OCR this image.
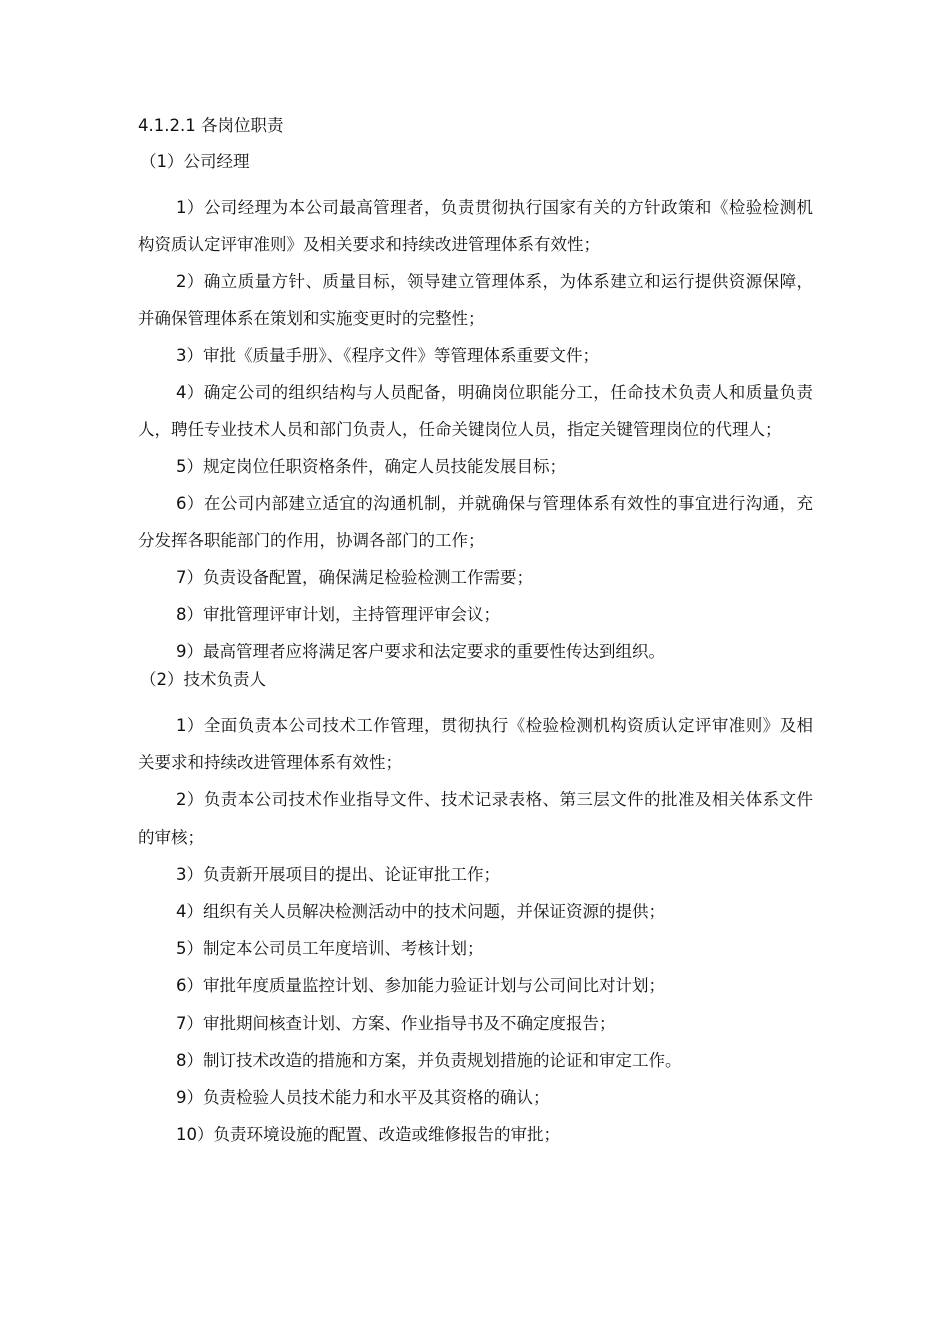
4.1.2.1 各岗位职责
（1）公司经理
1）公司经理为本公司最高管理者，负责贯彻执行国家有关的方针政策和《检验检测机构资质认定评审准则》及相关要求和持续改进管理体系有效性；
2）确立质量方针、质量目标，领导建立管理体系，为体系建立和运行提供资源保障，并确保管理体系在策划和实施变更时的完整性；
3）审批《质量手册》、《程序文件》等管理体系重要文件；
4）确定公司的组织结构与人员配备，明确岗位职能分工，任命技术负责人和质量负责人，聘任专业技术人员和部门负责人，任命关键岗位人员，指定关键管理岗位的代理人；
5）规定岗位任职资格条件，确定人员技能发展目标；
6）在公司内部建立适宜的沟通机制，并就确保与管理体系有效性的事宜进行沟通，充分发挥各职能部门的作用，协调各部门的工作；
7）负责设备配置，确保满足检验检测工作需要；
8）审批管理评审计划，主持管理评审会议；
9）最高管理者应将满足客户要求和法定要求的重要性传达到组织。
（2）技术负责人
1）全面负责本公司技术工作管理，贯彻执行《检验检测机构资质认定评审准则》及相关要求和持续改进管理体系有效性；
2）负责本公司技术作业指导文件、技术记录表格、第三层文件的批准及相关体系文件的审核；
3）负责新开展项目的提出、论证审批工作；
4）组织有关人员解决检测活动中的技术问题，并保证资源的提供；
5）制定本公司员工年度培训、考核计划；
6）审批年度质量监控计划、参加能力验证计划与公司间比对计划；
7）审批期间核查计划、方案、作业指导书及不确定度报告；
8）制订技术改造的措施和方案，并负责规划措施的论证和审定工作。
9）负责检验人员技术能力和水平及其资格的确认；
10）负责环境设施的配置、改造或维修报告的审批；
